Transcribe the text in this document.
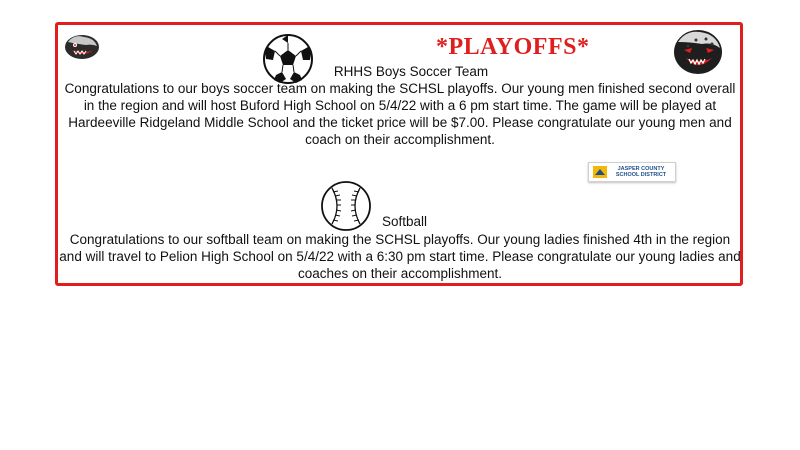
*PLAYOFFS*
RHHS Boys Soccer Team
Congratulations to our boys soccer team on making the SCHSL playoffs. Our young men finished second overall in the region and will host Buford High School on 5/4/22 with a 6 pm start time. The game will be played at Hardeeville Ridgeland Middle School and the ticket price will be $7.00. Please congratulate our young men and coach on their accomplishment.
JASPER COUNTY
SCHOOL DISTRICT
Softball
Congratulations to our softball team on making the SCHSL playoffs. Our young ladies finished 4th in the region and will travel to Pelion High School on 5/4/22 with a 6:30 pm start time. Please congratulate our young ladies and coaches on their accomplishment.
